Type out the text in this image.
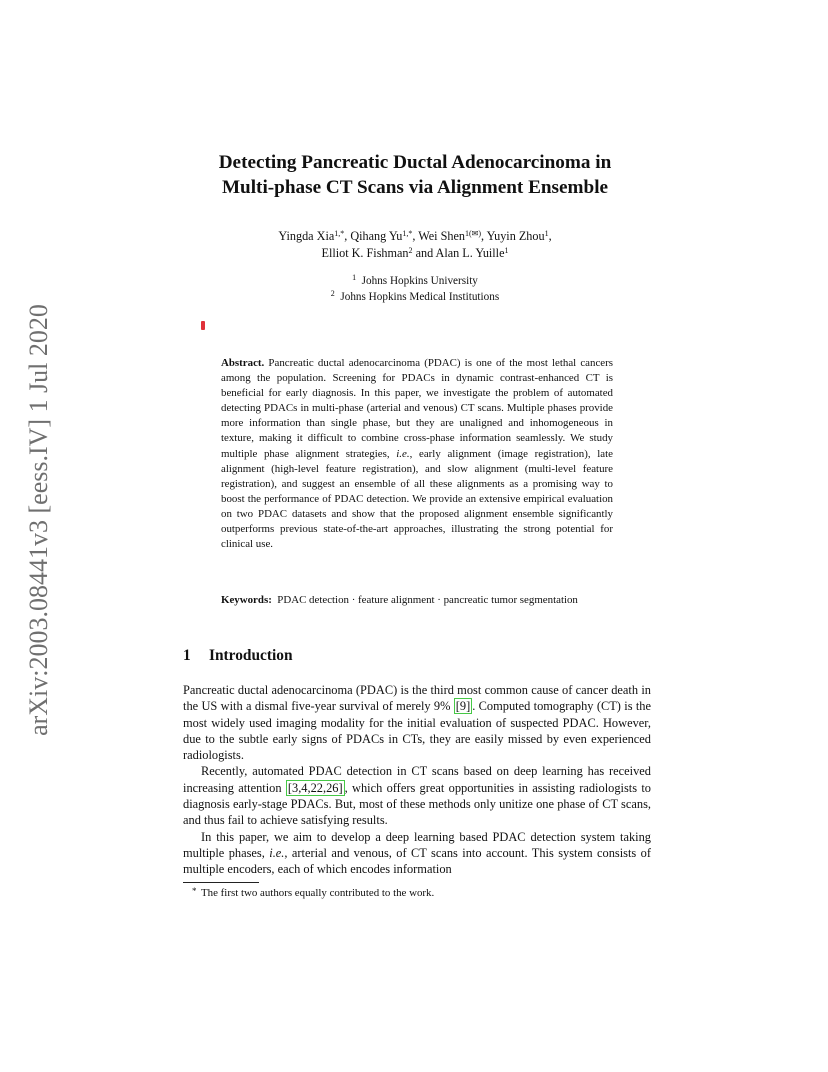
arXiv:2003.08441v3 [eess.IV] 1 Jul 2020
Detecting Pancreatic Ductal Adenocarcinoma in
Multi-phase CT Scans via Alignment Ensemble
Yingda Xia$^{1,*}$, Qihang $Yu^{1,*}$, Wei Shen$^{1(✉)}$, Yuyin Zhou$^1$,
Elliot K. Fishman$^2$ and Alan L. Yuille$^1$
$^1$ Johns Hopkins University
$^2$ Johns Hopkins Medical Institutions
Abstract. Pancreatic ductal adenocarcinoma (PDAC) is one of the most lethal cancers among the population. Screening for PDACs in dynamic contrast-enhanced CT is beneficial for early diagnosis. In this paper, we investigate the problem of automated detecting PDACs in multi-phase (arterial and venous) CT scans. Multiple phases provide more information than single phase, but they are unaligned and inhomogeneous in texture, making it difficult to combine cross-phase information seamlessly. We study multiple phase alignment strategies, i.e., early alignment (image registration), late alignment (high-level feature registration), and slow alignment (multi-level feature registration), and suggest an ensemble of all these alignments as a promising way to boost the performance of PDAC detection. We provide an extensive empirical evaluation on two PDAC datasets and show that the proposed alignment ensemble significantly outperforms previous state-of-the-art approaches, illustrating the strong potential for clinical use.
Keywords: PDAC detection · feature alignment · pancreatic tumor segmentation
1 Introduction

Pancreatic ductal adenocarcinoma (PDAC) is the third most common cause of cancer death in the US with a dismal five-year survival of merely 9% [9] . Computed tomography (CT) is the most widely used imaging modality for the initial evaluation of suspected PDAC. However, due to the subtle early signs of PDACs in CTs, they are easily missed by even experienced radiologists.

Recently, automated PDAC detection in CT scans based on deep learning has received increasing attention [3,4,22,26] , which offers great opportunities in assisting radiologists to diagnosis early-stage PDACs. But, most of these methods only unitize one phase of CT scans, and thus fail to achieve satisfying results.

In this paper, we aim to develop a deep learning based PDAC detection system taking multiple phases, i.e., arterial and venous, of CT scans into account. This system consists of multiple encoders, each of which encodes information

* The first two authors equally contributed to the work.
